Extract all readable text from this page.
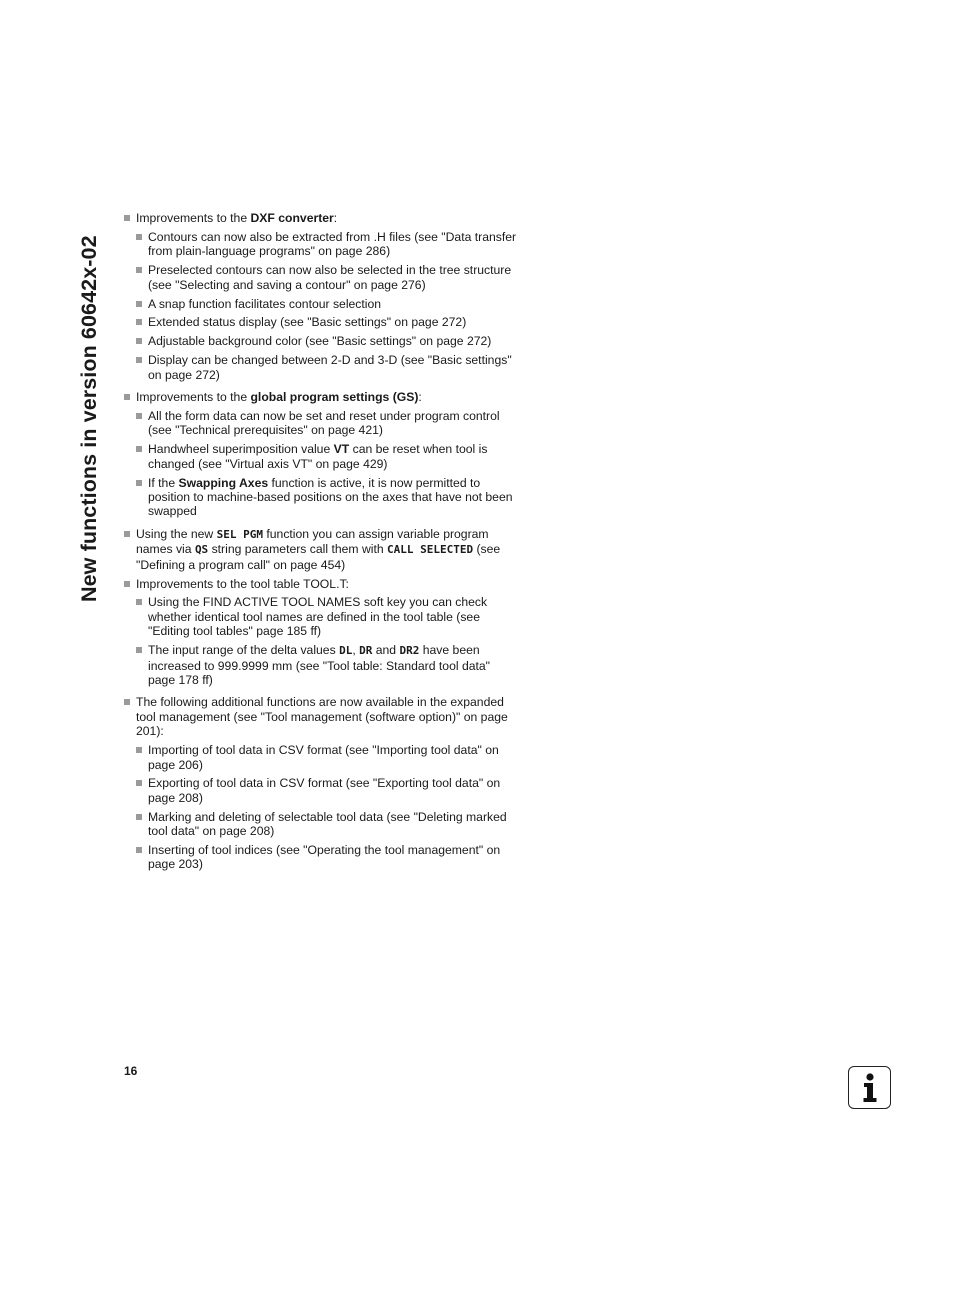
New functions in version 60642x-02
Improvements to the DXF converter:
Contours can now also be extracted from .H files (see "Data transfer from plain-language programs" on page 286)
Preselected contours can now also be selected in the tree structure (see "Selecting and saving a contour" on page 276)
A snap function facilitates contour selection
Extended status display (see "Basic settings" on page 272)
Adjustable background color (see "Basic settings" on page 272)
Display can be changed between 2-D and 3-D (see "Basic settings" on page 272)
Improvements to the global program settings (GS):
All the form data can now be set and reset under program control (see "Technical prerequisites" on page 421)
Handwheel superimposition value VT can be reset when tool is changed (see "Virtual axis VT" on page 429)
If the Swapping Axes function is active, it is now permitted to position to machine-based positions on the axes that have not been swapped
Using the new SEL PGM function you can assign variable program names via QS string parameters call them with CALL SELECTED (see "Defining a program call" on page 454)
Improvements to the tool table TOOL.T:
Using the FIND ACTIVE TOOL NAMES soft key you can check whether identical tool names are defined in the tool table (see "Editing tool tables" page 185 ff)
The input range of the delta values DL, DR and DR2 have been increased to 999.9999 mm (see "Tool table: Standard tool data" page 178 ff)
The following additional functions are now available in the expanded tool management (see "Tool management (software option)" on page 201):
Importing of tool data in CSV format (see "Importing tool data" on page 206)
Exporting of tool data in CSV format (see "Exporting tool data" on page 208)
Marking and deleting of selectable tool data (see "Deleting marked tool data" on page 208)
Inserting of tool indices (see "Operating the tool management" on page 203)
16
